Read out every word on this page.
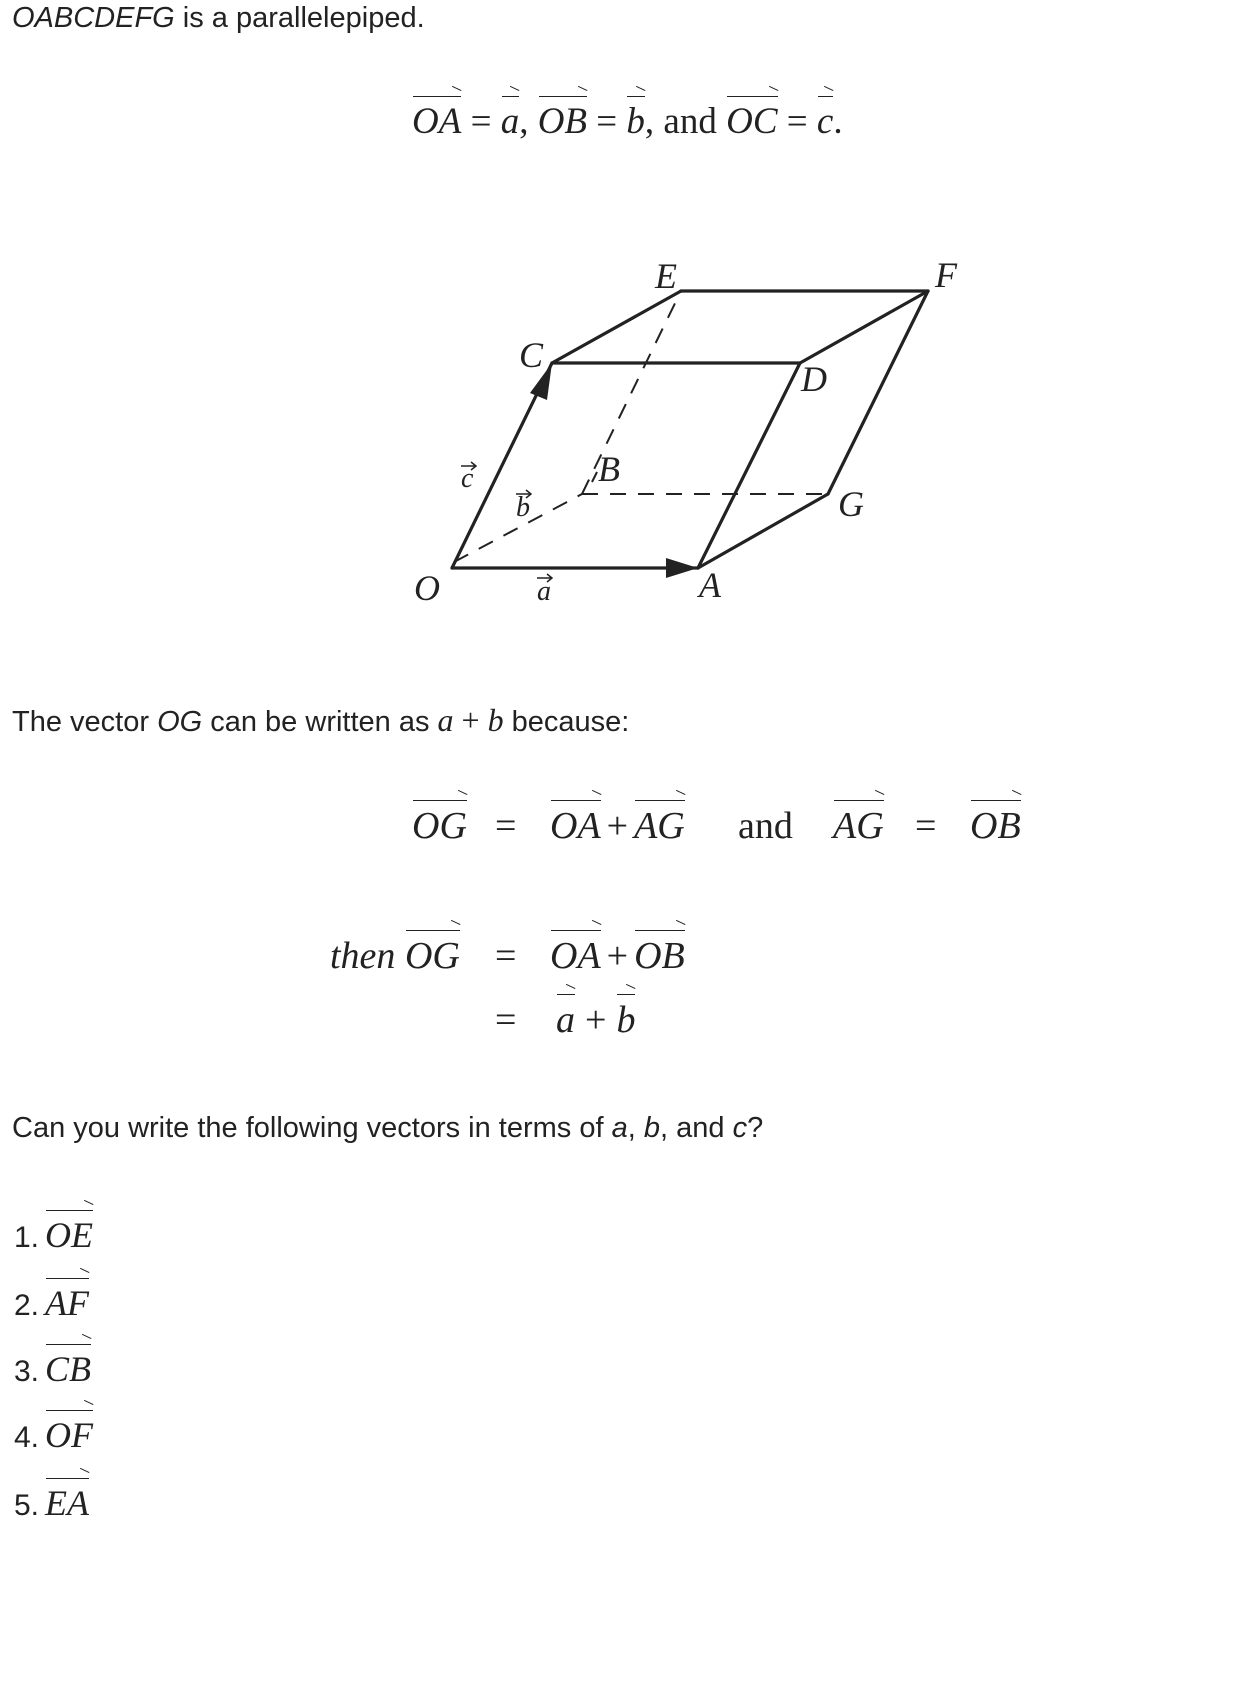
OABCDEFG is a parallelepiped.
OA = a, OB = b, and OC = c.
O	A
B
C
D
E	F
G
a
b
c
The vector OG can be written as a + b because:
OG = OA + AG and AG = OB
then OG = OA + OB
= a + b
Can you write the following vectors in terms of a, b, and c?
1. OE
2. AF
3. CB
4. OF
5. EA
